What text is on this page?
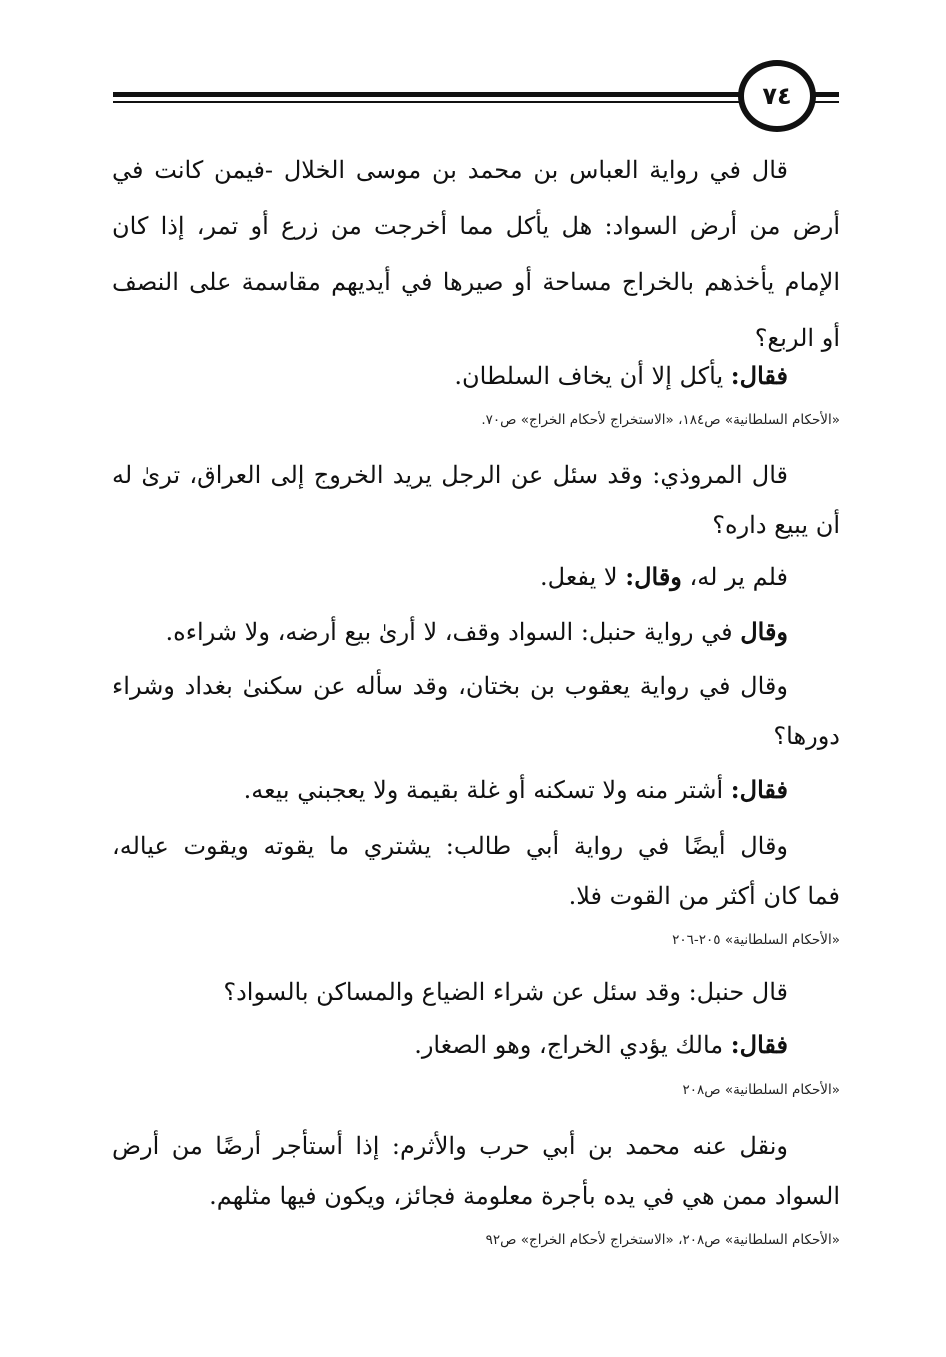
٧٤
قال في رواية العباس بن محمد بن موسى الخلال -فيمن كانت في
أرض من أرض السواد: هل يأكل مما أخرجت من زرع أو تمر، إذا كان
الإمام يأخذهم بالخراج مساحة أو صيرها في أيديهم مقاسمة على النصف
أو الربع؟
فقال: يأكل إلا أن يخاف السلطان.
«الأحكام السلطانية» ص١٨٤، «الاستخراج لأحكام الخراج» ص٧٠.
قال المروذي: وقد سئل عن الرجل يريد الخروج إلى العراق، ترىٰ له
أن يبيع داره؟
فلم ير له، وقال: لا يفعل.
وقال في رواية حنبل: السواد وقف، لا أرىٰ بيع أرضه، ولا شراءه.
وقال في رواية يعقوب بن بختان، وقد سأله عن سكنىٰ بغداد وشراء
دورها؟
فقال: أشتر منه ولا تسكنه أو غلة بقيمة ولا يعجبني بيعه.
وقال أيضًا في رواية أبي طالب: يشتري ما يقوته ويقوت عياله،
فما كان أكثر من القوت فلا.
«الأحكام السلطانية» ٢٠٥-٢٠٦
قال حنبل: وقد سئل عن شراء الضياع والمساكن بالسواد؟
فقال: مالك يؤدي الخراج، وهو الصغار.
«الأحكام السلطانية» ص٢٠٨
ونقل عنه محمد بن أبي حرب والأثرم: إذا أستأجر أرضًا من أرض
السواد ممن هي في يده بأجرة معلومة فجائز، ويكون فيها مثلهم.
«الأحكام السلطانية» ص٢٠٨، «الاستخراج لأحكام الخراج» ص٩٢
